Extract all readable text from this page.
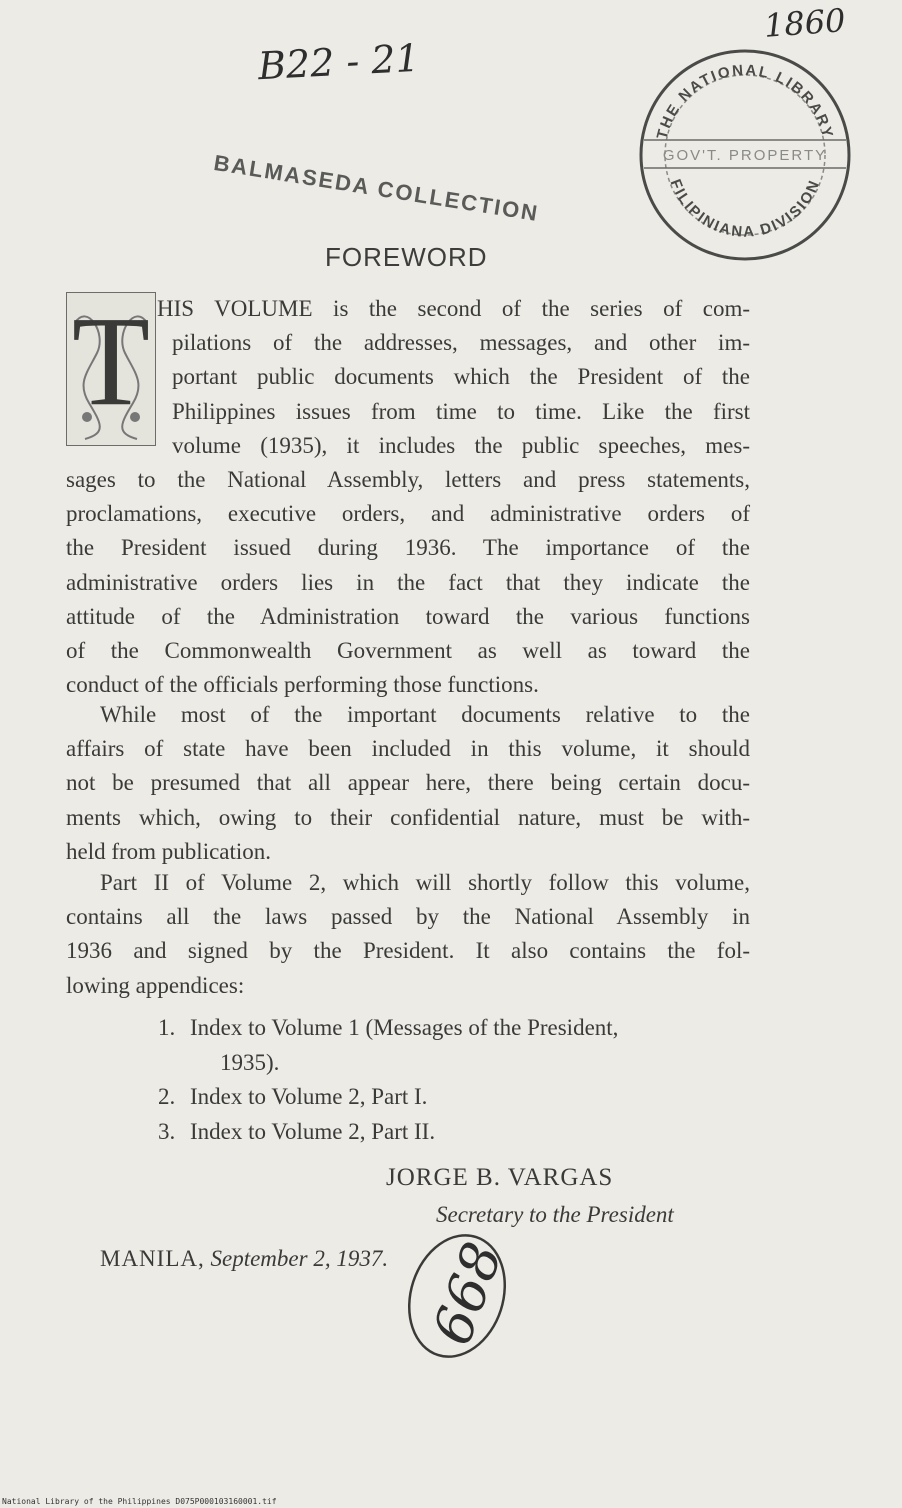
B22 - 21
1860
BALMASEDA COLLECTION
THE NATIONAL LIBRARY
GOV'T. PROPERTY
FILIPINIANA DIVISION
FOREWORD
T HIS VOLUME is the second of the series of com-
pilations of the addresses, messages, and other im-
portant public documents which the President of the
Philippines issues from time to time. Like the first
volume (1935), it includes the public speeches, mes-
sages to the National Assembly, letters and press statements,
proclamations, executive orders, and administrative orders of
the President issued during 1936. The importance of the
administrative orders lies in the fact that they indicate the
attitude of the Administration toward the various functions
of the Commonwealth Government as well as toward the
conduct of the officials performing those functions.
While most of the important documents relative to the
affairs of state have been included in this volume, it should
not be presumed that all appear here, there being certain docu-
ments which, owing to their confidential nature, must be with-
held from publication.
Part II of Volume 2, which will shortly follow this volume,
contains all the laws passed by the National Assembly in
1936 and signed by the President. It also contains the fol-
lowing appendices:
1. Index to Volume 1 (Messages of the President,
1935).
2. Index to Volume 2, Part I.
3. Index to Volume 2, Part II.
JORGE B. VARGAS
Secretary to the President
MANILA, September 2, 1937. 668
National Library of the Philippines D075P000103160001.tif
